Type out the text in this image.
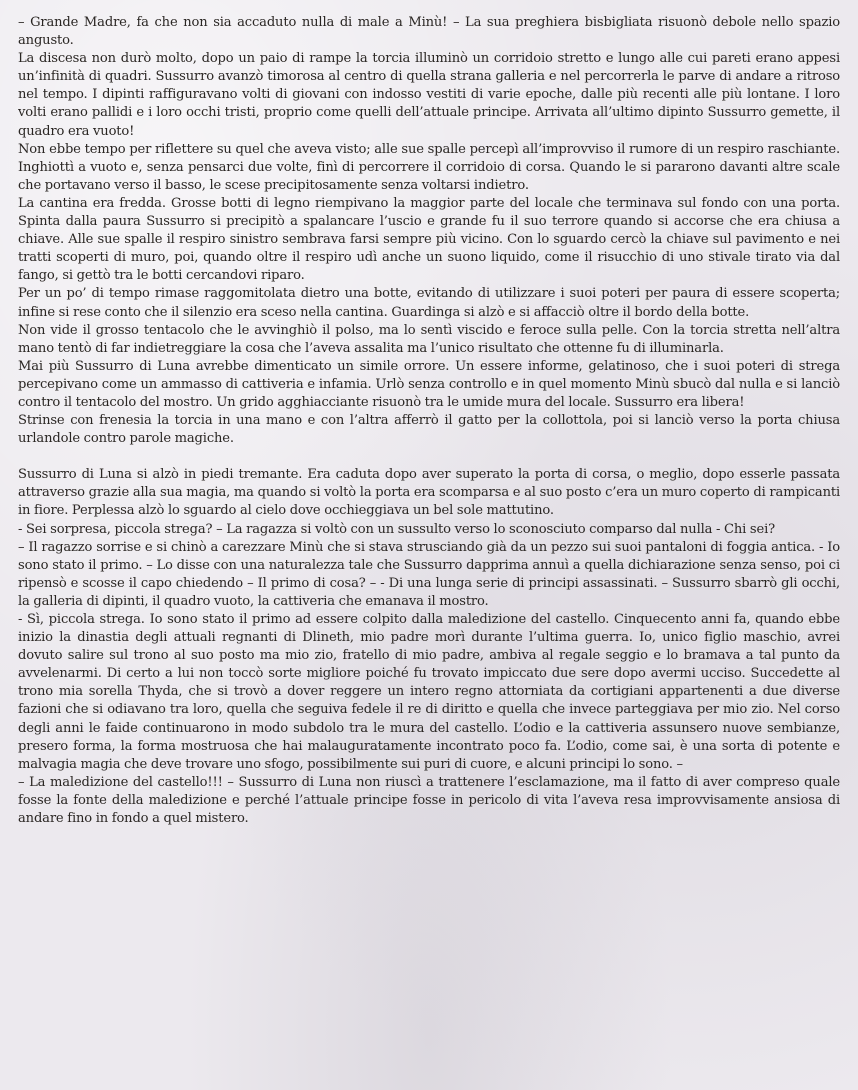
– Grande Madre, fa che non sia accaduto nulla di male a Minù! – La sua preghiera bisbigliata risuonò debole nello spazio angusto.

La discesa non durò molto, dopo un paio di rampe la torcia illuminò un corridoio stretto e lungo alle cui pareti erano appesi un’infinità di quadri. Sussurro avanzò timorosa al centro di quella strana galleria e nel percorrerla le parve di andare a ritroso nel tempo. I dipinti raffiguravano volti di giovani con indosso vestiti di varie epoche, dalle più recenti alle più lontane. I loro volti erano pallidi e i loro occhi tristi, proprio come quelli dell’attuale principe. Arrivata all’ultimo dipinto Sussurro gemette, il quadro era vuoto!

Non ebbe tempo per riflettere su quel che aveva visto; alle sue spalle percepì all’improvviso il rumore di un respiro raschiante. Inghiottì a vuoto e, senza pensarci due volte, finì di percorrere il corridoio di corsa. Quando le si pararono davanti altre scale che portavano verso il basso, le scese precipitosamente senza voltarsi indietro.

La cantina era fredda. Grosse botti di legno riempivano la maggior parte del locale che terminava sul fondo con una porta. Spinta dalla paura Sussurro si precipitò a spalancare l’uscio e grande fu il suo terrore quando si accorse che era chiusa a chiave. Alle sue spalle il respiro sinistro sembrava farsi sempre più vicino. Con lo sguardo cercò la chiave sul pavimento e nei tratti scoperti di muro, poi, quando oltre il respiro udì anche un suono liquido, come il risucchio di uno stivale tirato via dal fango, si gettò tra le botti cercandovi riparo.

Per un po’ di tempo rimase raggomitolata dietro una botte, evitando di utilizzare i suoi poteri per paura di essere scoperta; infine si rese conto che il silenzio era sceso nella cantina. Guardinga si alzò e si affacciò oltre il bordo della botte.

Non vide il grosso tentacolo che le avvinghiò il polso, ma lo sentì viscido e feroce sulla pelle. Con la torcia stretta nell’altra mano tentò di far indietreggiare la cosa che l’aveva assalita ma l’unico risultato che ottenne fu di illuminarla.

Mai più Sussurro di Luna avrebbe dimenticato un simile orrore. Un essere informe, gelatinoso, che i suoi poteri di strega percepivano come un ammasso di cattiveria e infamia. Urlò senza controllo e in quel momento Minù sbucò dal nulla e si lanciò contro il tentacolo del mostro. Un grido agghiacciante risuonò tra le umide mura del locale. Sussurro era libera!

Strinse con frenesia la torcia in una mano e con l’altra afferrò il gatto per la collottola, poi si lanciò verso la porta chiusa urlandole contro parole magiche.

Sussurro di Luna si alzò in piedi tremante. Era caduta dopo aver superato la porta di corsa, o meglio, dopo esserle passata attraverso grazie alla sua magia, ma quando si voltò la porta era scomparsa e al suo posto c’era un muro coperto di rampicanti in fiore. Perplessa alzò lo sguardo al cielo dove occhieggiava un bel sole mattutino.

- Sei sorpresa, piccola strega? – La ragazza si voltò con un sussulto verso lo sconosciuto comparso dal nulla - Chi sei?

– Il ragazzo sorrise e si chinò a carezzare Minù che si stava strusciando già da un pezzo sui suoi pantaloni di foggia antica. - Io sono stato il primo. – Lo disse con una naturalezza tale che Sussurro dapprima annuì a quella dichiarazione senza senso, poi ci ripensò e scosse il capo chiedendo – Il primo di cosa? – - Di una lunga serie di principi assassinati. – Sussurro sbarrò gli occhi, la galleria di dipinti, il quadro vuoto, la cattiveria che emanava il mostro.

- Sì, piccola strega. Io sono stato il primo ad essere colpito dalla maledizione del castello. Cinquecento anni fa, quando ebbe inizio la dinastia degli attuali regnanti di Dlineth, mio padre morì durante l’ultima guerra. Io, unico figlio maschio, avrei dovuto salire sul trono al suo posto ma mio zio, fratello di mio padre, ambiva al regale seggio e lo bramava a tal punto da avvelenarmi. Di certo a lui non toccò sorte migliore poiché fu trovato impiccato due sere dopo avermi ucciso. Succedette al trono mia sorella Thyda, che si trovò a dover reggere un intero regno attorniata da cortigiani appartenenti a due diverse fazioni che si odiavano tra loro, quella che seguiva fedele il re di diritto e quella che invece parteggiava per mio zio. Nel corso degli anni le faide continuarono in modo subdolo tra le mura del castello. L’odio e la cattiveria assunsero nuove sembianze, presero forma, la forma mostruosa che hai malauguratamente incontrato poco fa. L’odio, come sai, è una sorta di potente e malvagia magia che deve trovare uno sfogo, possibilmente sui puri di cuore, e alcuni principi lo sono. –

– La maledizione del castello!!! – Sussurro di Luna non riuscì a trattenere l’esclamazione, ma il fatto di aver compreso quale fosse la fonte della maledizione e perché l’attuale principe fosse in pericolo di vita l’aveva resa improvvisamente ansiosa di andare fino in fondo a quel mistero.
